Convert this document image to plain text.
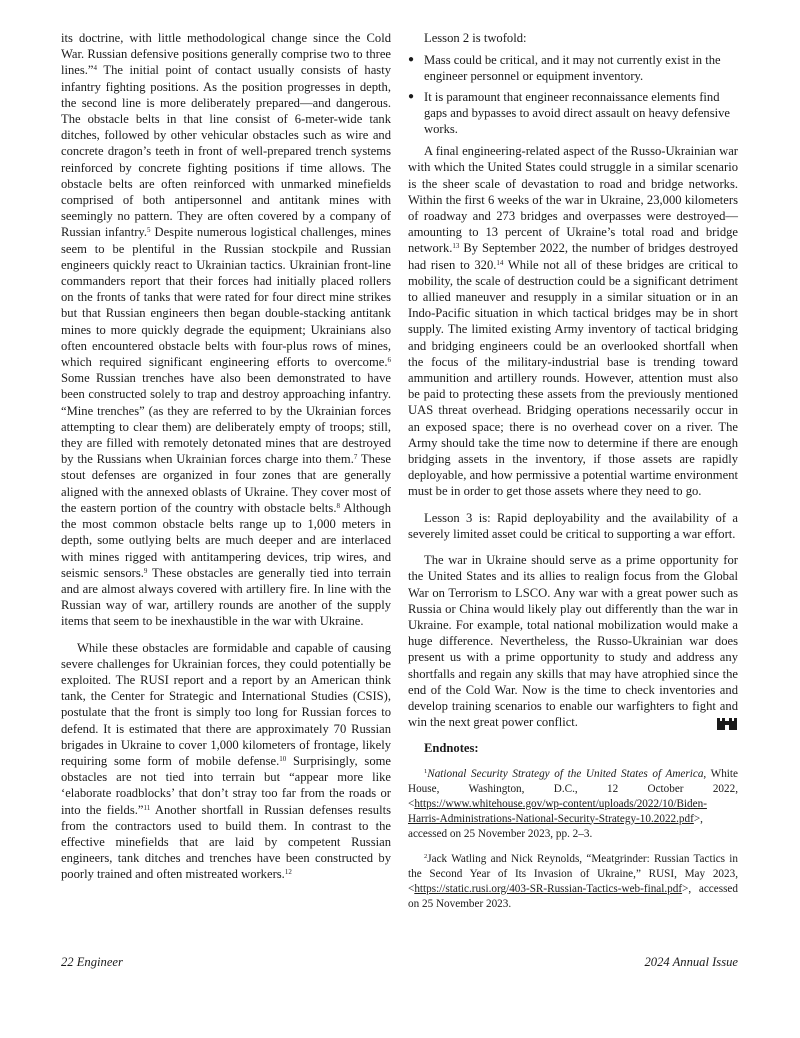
its doctrine, with little methodological change since the Cold War. Russian defensive positions generally comprise two to three lines.”$^4$ The initial point of contact usually consists of hasty infantry fighting positions. As the position progresses in depth, the second line is more deliberately prepared—and dangerous. The obstacle belts in that line consist of 6-meter-wide tank ditches, followed by other vehicular obstacles such as wire and concrete dragon’s teeth in front of well-prepared trench systems reinforced by concrete fighting positions if time allows. The obstacle belts are often reinforced with unmarked minefields comprised of both antipersonnel and antitank mines with seemingly no pattern. They are often covered by a company of Russian infantry.$^5$ Despite numerous logistical challenges, mines seem to be plentiful in the Russian stockpile and Russian engineers quickly react to Ukrainian tactics. Ukrainian front-line commanders report that their forces had initially placed rollers on the fronts of tanks that were rated for four direct mine strikes but that Russian engineers then began double-stacking antitank mines to more quickly degrade the equipment; Ukrainians also often encountered obstacle belts with four-plus rows of mines, which required significant engineering efforts to overcome.$^6$ Some Russian trenches have also been demonstrated to have been constructed solely to trap and destroy approaching infantry. “Mine trenches” (as they are referred to by the Ukrainian forces attempting to clear them) are deliberately empty of troops; still, they are filled with remotely detonated mines that are destroyed by the Russians when Ukrainian forces charge into them.$^7$ These stout defenses are organized in four zones that are generally aligned with the annexed oblasts of Ukraine. They cover most of the eastern portion of the country with obstacle belts.$^8$ Although the most common obstacle belts range up to 1,000 meters in depth, some outlying belts are much deeper and are interlaced with mines rigged with antitampering devices, trip wires, and seismic sensors.$^9$ These obstacles are generally tied into terrain and are almost always covered with artillery fire. In line with the Russian way of war, artillery rounds are another of the supply items that seem to be inexhaustible in the war with Ukraine.

While these obstacles are formidable and capable of causing severe challenges for Ukrainian forces, they could potentially be exploited. The RUSI report and a report by an American think tank, the Center for Strategic and International Studies (CSIS), postulate that the front is simply too long for Russian forces to defend. It is estimated that there are approximately 70 Russian brigades in Ukraine to cover 1,000 kilometers of frontage, likely requiring some form of mobile defense.$^{10}$ Surprisingly, some obstacles are not tied into terrain but “appear more like ‘elaborate roadblocks’ that don’t stray too far from the roads or into the fields.”$^{11}$ Another shortfall in Russian defenses results from the contractors used to build them. In contrast to the effective minefields that are laid by competent Russian engineers, tank ditches and trenches have been constructed by poorly trained and often mistreated workers.$^{12}$

Lesson 2 is twofold:

● Mass could be critical, and it may not currently exist in the engineer personnel or equipment inventory.
● It is paramount that engineer reconnaissance elements find gaps and bypasses to avoid direct assault on heavy defensive works.

A final engineering-related aspect of the Russo-Ukrainian war with which the United States could struggle in a similar scenario is the sheer scale of devastation to road and bridge networks. Within the first 6 weeks of the war in Ukraine, 23,000 kilometers of roadway and 273 bridges and overpasses were destroyed—amounting to 13 percent of Ukraine’s total road and bridge network.$^{13}$ By September 2022, the number of bridges destroyed had risen to 320.14 While not all of these bridges are critical to mobility, the scale of destruction could be a significant detriment to allied maneuver and resupply in a similar situation or in an Indo-Pacific situation in which tactical bridges may be in short supply. The limited existing Army inventory of tactical bridging and bridging engineers could be an overlooked shortfall when the focus of the military-industrial base is trending toward ammunition and artillery rounds. However, attention must also be paid to protecting these assets from the previously mentioned UAS threat overhead. Bridging operations necessarily occur in an exposed space; there is no overhead cover on a river. The Army should take the time now to determine if there are enough bridging assets in the inventory, if those assets are rapidly deployable, and how permissive a potential wartime environment must be in order to get those assets where they need to go.

Lesson 3 is: Rapid deployability and the availability of a severely limited asset could be critical to supporting a war effort.

The war in Ukraine should serve as a prime opportunity for the United States and its allies to realign focus from the Global War on Terrorism to LSCO. Any war with a great power such as Russia or China would likely play out differently than the war in Ukraine. For example, total national mobilization would make a huge difference. Nevertheless, the Russo-Ukrainian war does present us with a prime opportunity to study and address any shortfalls and regain any skills that may have atrophied since the end of the Cold War. Now is the time to check inventories and develop training scenarios to enable our warfighters to fight and win the next great power conflict.

Endnotes:

$^1$National Security Strategy of the United States of America, White House, Washington, D.C., 12 October 2022, <https://www.whitehouse.gov/wp-content/uploads/2022/10/Biden-Harris-Administrations-National-Security-Strategy-10.2022.pdf>, accessed on 25 November 2023, pp. 2–3.

$^2$Jack Watling and Nick Reynolds, “Meatgrinder: Russian Tactics in the Second Year of Its Invasion of Ukraine,” RUSI, May 2023, <https://static.rusi.org/403-SR-Russian-Tactics-web-final.pdf>, accessed on 25 November 2023.

22 Engineer	2024 Annual Issue
